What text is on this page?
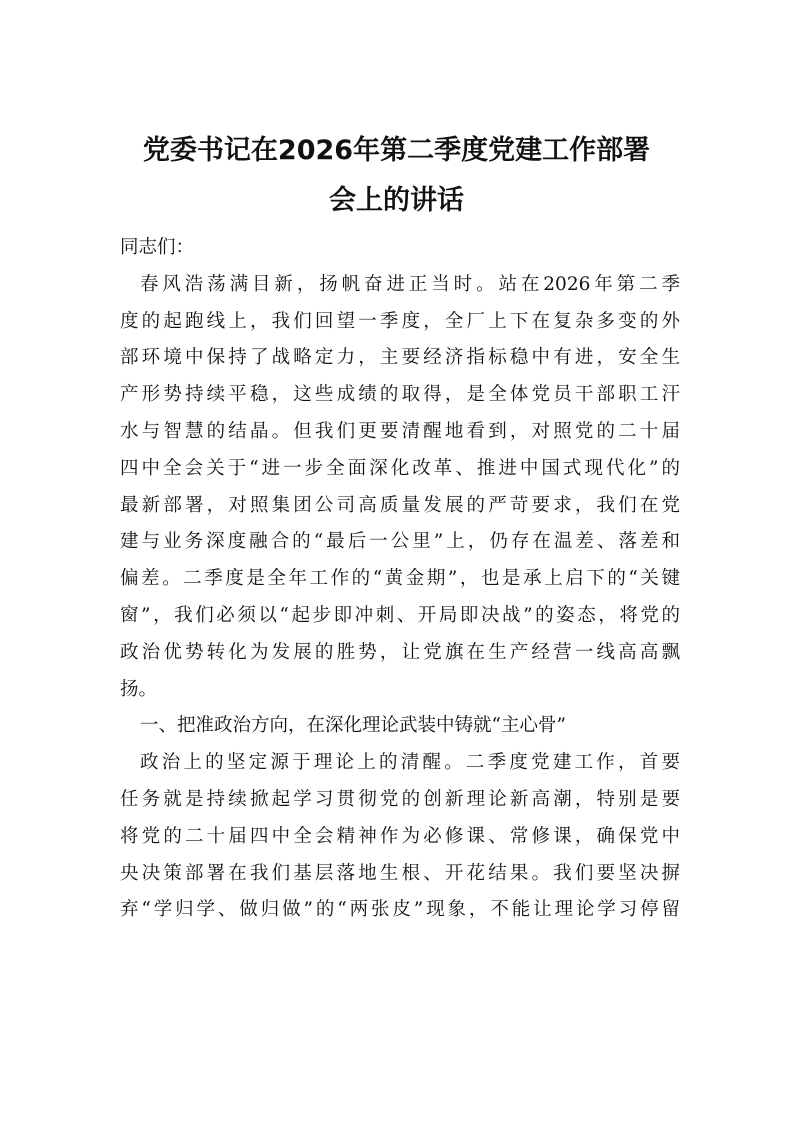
党委书记在2026年第二季度党建工作部署
会上的讲话
同志们：
春风浩荡满目新，扬帆奋进正当时。站在2026年第二季
度的起跑线上，我们回望一季度，全厂上下在复杂多变的外
部环境中保持了战略定力，主要经济指标稳中有进，安全生
产形势持续平稳，这些成绩的取得，是全体党员干部职工汗
水与智慧的结晶。但我们更要清醒地看到，对照党的二十届
四中全会关于“进一步全面深化改革、推进中国式现代化”的
最新部署，对照集团公司高质量发展的严苛要求，我们在党
建与业务深度融合的“最后一公里”上，仍存在温差、落差和
偏差。二季度是全年工作的“黄金期”，也是承上启下的“关键
窗”，我们必须以“起步即冲刺、开局即决战”的姿态，将党的
政治优势转化为发展的胜势，让党旗在生产经营一线高高飘
扬。
一、把准政治方向，在深化理论武装中铸就“主心骨”
政治上的坚定源于理论上的清醒。二季度党建工作，首要
任务就是持续掀起学习贯彻党的创新理论新高潮，特别是要
将党的二十届四中全会精神作为必修课、常修课，确保党中
央决策部署在我们基层落地生根、开花结果。我们要坚决摒
弃“学归学、做归做”的“两张皮”现象，不能让理论学习停留
